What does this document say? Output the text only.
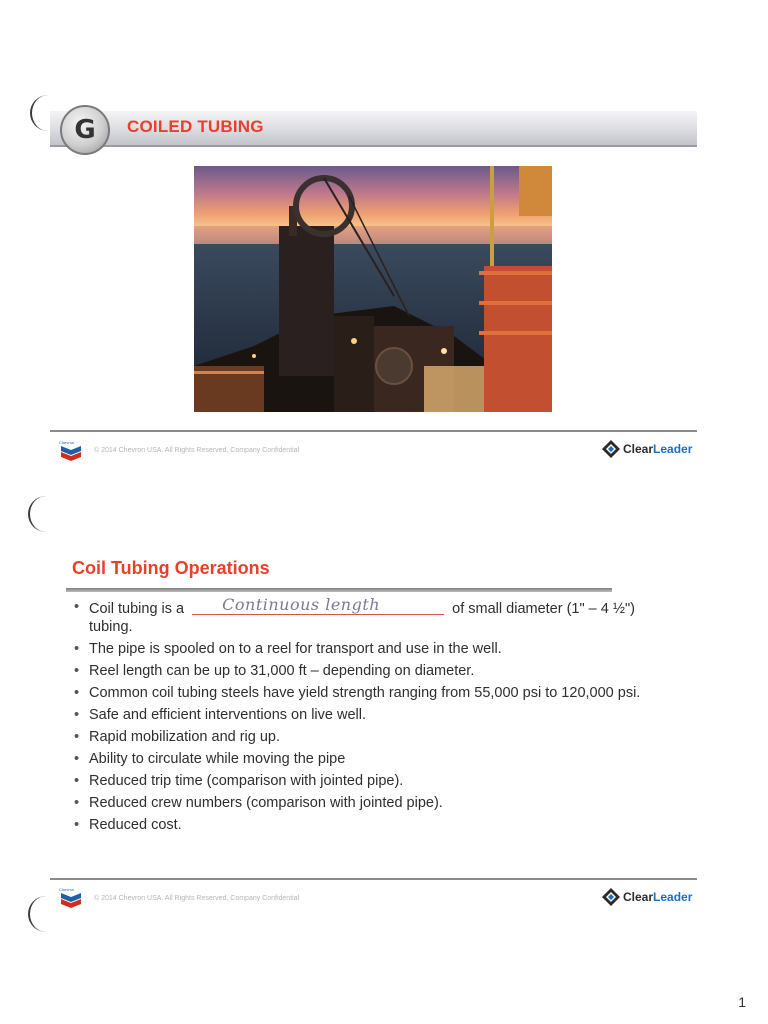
G COILED TUBING
Chevron
© 2014 Chevron USA. All Rights Reserved. Company Confidential	ClearLeader
Coil Tubing Operations
• Coil tubing is a Continuous length	of small diameter (1" – 4 ½") tubing.
• The pipe is spooled on to a reel for transport and use in the well.
• Reel length can be up to 31,000 ft – depending on diameter.
• Common coil tubing steels have yield strength ranging from 55,000 psi to 120,000 psi.
• Safe and efficient interventions on live well.
• Rapid mobilization and rig up.
• Ability to circulate while moving the pipe
• Reduced trip time (comparison with jointed pipe).
• Reduced crew numbers (comparison with jointed pipe).
• Reduced cost.
Chevron
© 2014 Chevron USA. All Rights Reserved. Company Confidential	ClearLeader
1
